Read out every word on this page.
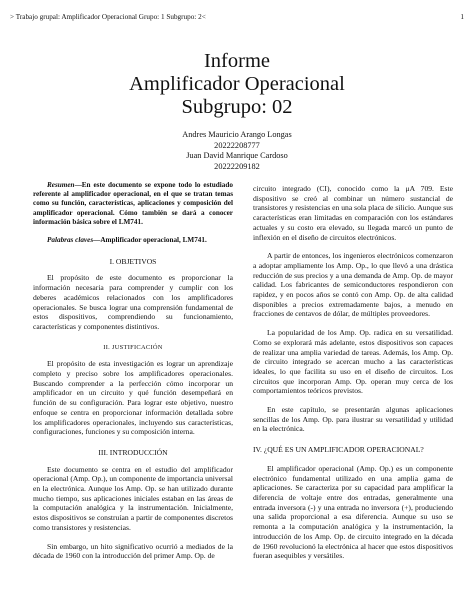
> Trabajo grupal: Amplificador Operacional Grupo: 1 Subgrupo: 2<	1
Informe
Amplificador Operacional
Subgrupo: 02
Andres Mauricio Arango Longas
20222208777
Juan David Manrique Cardoso
20222209182

Resumen—En este documento se expone todo lo estudiado referente al amplificador operacional, en el que se tratan temas como su función, características, aplicaciones y composición del amplificador operacional. Cómo también se dará a conocer información básica sobre el LM741.

Palabras claves—Amplificador operacional, LM741.

I. OBJETIVOS

El propósito de este documento es proporcionar la información necesaria para comprender y cumplir con los deberes académicos relacionados con los amplificadores operacionales. Se busca lograr una comprensión fundamental de estos dispositivos, comprendiendo su funcionamiento, características y componentes distintivos.

II. JUSTIFICACIÓN

El propósito de esta investigación es lograr un aprendizaje completo y preciso sobre los amplificadores operacionales. Buscando comprender a la perfección cómo incorporar un amplificador en un circuito y qué función desempeñará en función de su configuración. Para lograr este objetivo, nuestro enfoque se centra en proporcionar información detallada sobre los amplificadores operacionales, incluyendo sus características, configuraciones, funciones y su composición interna.

III. INTRODUCCIÓN

Este documento se centra en el estudio del amplificador operacional (Amp. Op.), un componente de importancia universal en la electrónica. Aunque los Amp. Op. se han utilizado durante mucho tiempo, sus aplicaciones iniciales estaban en las áreas de la computación analógica y la instrumentación. Inicialmente, estos dispositivos se construían a partir de componentes discretos como transistores y resistencias.

Sin embargo, un hito significativo ocurrió a mediados de la década de 1960 con la introducción del primer Amp. Op. de

circuito integrado (CI), conocido como la μA 709. Este dispositivo se creó al combinar un número sustancial de transistores y resistencias en una sola placa de silicio. Aunque sus características eran limitadas en comparación con los estándares actuales y su costo era elevado, su llegada marcó un punto de inflexión en el diseño de circuitos electrónicos.

A partir de entonces, los ingenieros electrónicos comenzaron a adoptar ampliamente los Amp. Op., lo que llevó a una drástica reducción de sus precios y a una demanda de Amp. Op. de mayor calidad. Los fabricantes de semiconductores respondieron con rapidez, y en pocos años se contó con Amp. Op. de alta calidad disponibles a precios extremadamente bajos, a menudo en fracciones de centavos de dólar, de múltiples proveedores.

La popularidad de los Amp. Op. radica en su versatilidad. Como se explorará más adelante, estos dispositivos son capaces de realizar una amplia variedad de tareas. Además, los Amp. Op. de circuito integrado se acercan mucho a las características ideales, lo que facilita su uso en el diseño de circuitos. Los circuitos que incorporan Amp. Op. operan muy cerca de los comportamientos teóricos previstos.

En este capítulo, se presentarán algunas aplicaciones sencillas de los Amp. Op. para ilustrar su versatilidad y utilidad en la electrónica.

IV. ¿QUÉ ES UN AMPLIFICADOR OPERACIONAL?

El amplificador operacional (Amp. Op.) es un componente electrónico fundamental utilizado en una amplia gama de aplicaciones. Se caracteriza por su capacidad para amplificar la diferencia de voltaje entre dos entradas, generalmente una entrada inversora (-) y una entrada no inversora (+), produciendo una salida proporcional a esa diferencia. Aunque su uso se remonta a la computación analógica y la instrumentación, la introducción de los Amp. Op. de circuito integrado en la década de 1960 revolucionó la electrónica al hacer que estos dispositivos fueran asequibles y versátiles.
